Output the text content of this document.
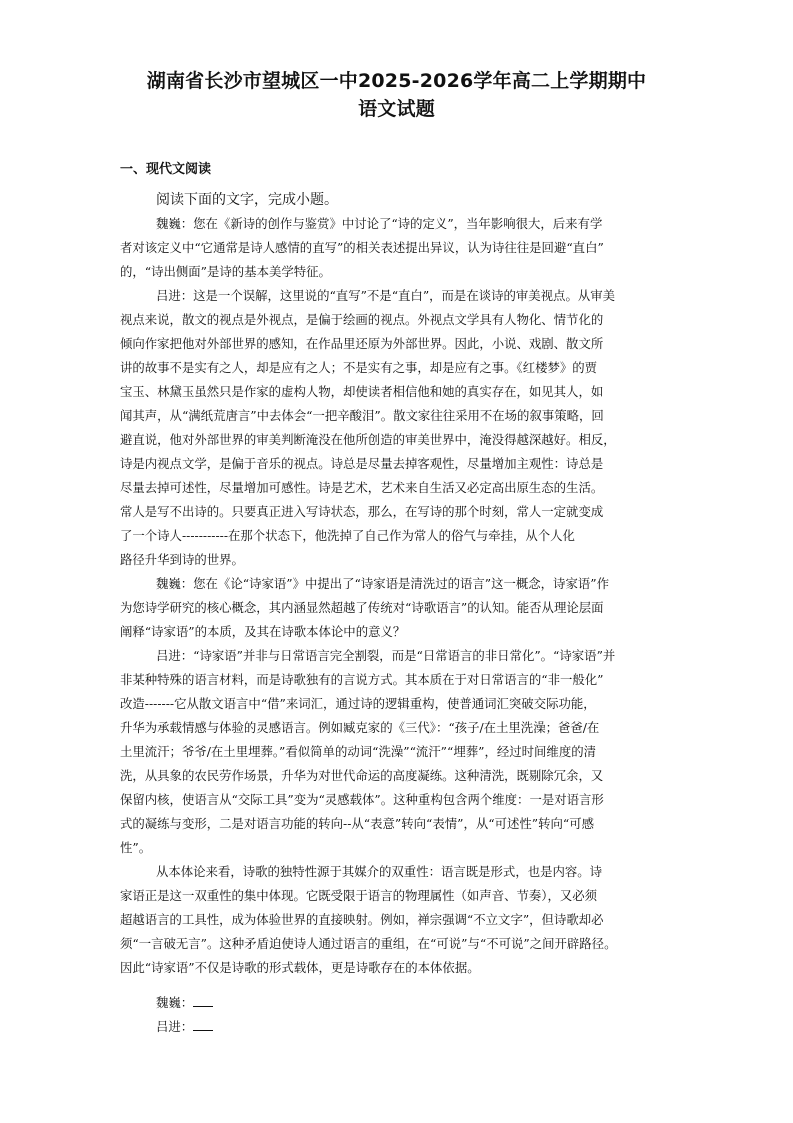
湖南省长沙市望城区一中2025-2026学年高二上学期期中
语文试题
一、现代文阅读
阅读下面的文字，完成小题。
魏巍：您在《新诗的创作与鉴赏》中讨论了“诗的定义”，当年影响很大，后来有学
者对该定义中“它通常是诗人感情的直写”的相关表述提出异议，认为诗往往是回避“直白”
的，“诗出侧面”是诗的基本美学特征。
吕进：这是一个误解，这里说的“直写”不是“直白”，而是在谈诗的审美视点。从审美
视点来说，散文的视点是外视点，是偏于绘画的视点。外视点文学具有人物化、情节化的
倾向作家把他对外部世界的感知，在作品里还原为外部世界。因此，小说、戏剧、散文所
讲的故事不是实有之人，却是应有之人；不是实有之事，却是应有之事。《红楼梦》的贾
宝玉、林黛玉虽然只是作家的虚构人物，却使读者相信他和她的真实存在，如见其人，如
闻其声，从“满纸荒唐言”中去体会“一把辛酸泪”。散文家往往采用不在场的叙事策略，回
避直说，他对外部世界的审美判断淹没在他所创造的审美世界中，淹没得越深越好。相反，
诗是内视点文学，是偏于音乐的视点。诗总是尽量去掉客观性，尽量增加主观性：诗总是
尽量去掉可述性，尽量增加可感性。诗是艺术，艺术来自生活又必定高出原生态的生活。
常人是写不出诗的。只要真正进入写诗状态，那么，在写诗的那个时刻，常人一定就变成
了一个诗人-----------在那个状态下，他洗掉了自己作为常人的俗气与牵挂，从个人化
路径升华到诗的世界。
魏巍：您在《论“诗家语”》中提出了“诗家语是清洗过的语言”这一概念，诗家语”作
为您诗学研究的核心概念，其内涵显然超越了传统对“诗歌语言”的认知。能否从理论层面
阐释“诗家语”的本质，及其在诗歌本体论中的意义？
吕进：“诗家语”并非与日常语言完全割裂，而是“日常语言的非日常化”。“诗家语”并
非某种特殊的语言材料，而是诗歌独有的言说方式。其本质在于对日常语言的“非一般化”
改造-------它从散文语言中“借”来词汇，通过诗的逻辑重构，使普通词汇突破交际功能，
升华为承载情感与体验的灵感语言。例如臧克家的《三代》：“孩子/在土里洗澡；爸爸/在
土里流汗；爷爷/在土里埋葬。”看似简单的动词“洗澡”“流汗”“埋葬”，经过时间维度的清
洗，从具象的农民劳作场景，升华为对世代命运的高度凝练。这种清洗，既剔除冗余，又
保留内核，使语言从“交际工具”变为“灵感载体”。这种重构包含两个维度：一是对语言形
式的凝练与变形，二是对语言功能的转向--从“表意”转向“表情”，从“可述性”转向“可感
性”。
从本体论来看，诗歌的独特性源于其媒介的双重性：语言既是形式，也是内容。诗
家语正是这一双重性的集中体现。它既受限于语言的物理属性（如声音、节奏），又必须
超越语言的工具性，成为体验世界的直接映射。例如，禅宗强调“不立文字”，但诗歌却必
须“一言破无言”。这种矛盾迫使诗人通过语言的重组，在“可说”与“不可说”之间开辟路径。
因此“诗家语”不仅是诗歌的形式载体，更是诗歌存在的本体依据。
魏巍：
吕进：
